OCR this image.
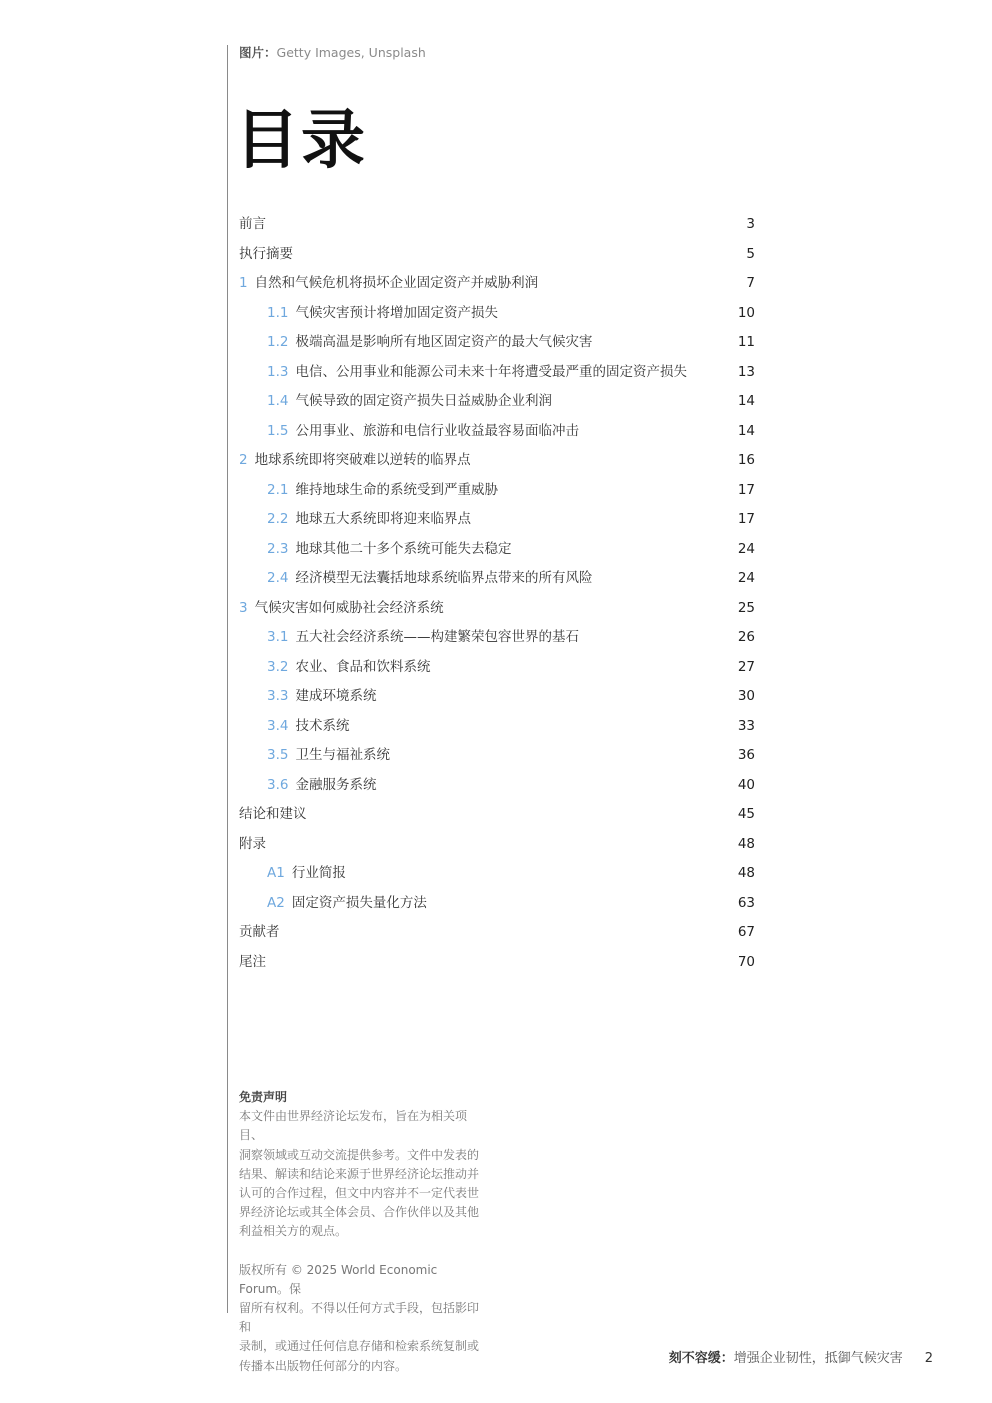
图片：Getty Images, Unsplash
目录
前言	3
执行摘要	5
1 自然和气候危机将损坏企业固定资产并威胁利润	7
1.1 气候灾害预计将增加固定资产损失	10
1.2 极端高温是影响所有地区固定资产的最大气候灾害	11
1.3 电信、公用事业和能源公司未来十年将遭受最严重的固定资产损失	13
1.4 气候导致的固定资产损失日益威胁企业利润	14
1.5 公用事业、旅游和电信行业收益最容易面临冲击	14
2 地球系统即将突破难以逆转的临界点	16
2.1 维持地球生命的系统受到严重威胁	17
2.2 地球五大系统即将迎来临界点	17
2.3 地球其他二十多个系统可能失去稳定	24
2.4 经济模型无法囊括地球系统临界点带来的所有风险	24
3 气候灾害如何威胁社会经济系统	25
3.1 五大社会经济系统——构建繁荣包容世界的基石	26
3.2 农业、食品和饮料系统	27
3.3 建成环境系统	30
3.4 技术系统	33
3.5 卫生与福祉系统	36
3.6 金融服务系统	40
结论和建议	45
附录	48
A1 行业简报	48
A2 固定资产损失量化方法	63
贡献者	67
尾注	70
免责声明

本文件由世界经济论坛发布，旨在为相关项目、

洞察领域或互动交流提供参考。文件中发表的

结果、解读和结论来源于世界经济论坛推动并

认可的合作过程，但文中内容并不一定代表世

界经济论坛或其全体会员、合作伙伴以及其他

利益相关方的观点。

版权所有 © 2025 World Economic Forum。保

留所有权利。不得以任何方式手段，包括影印和

录制，或通过任何信息存储和检索系统复制或

传播本出版物任何部分的内容。	刻不容缓：增强企业韧性，抵御气候灾害 2
